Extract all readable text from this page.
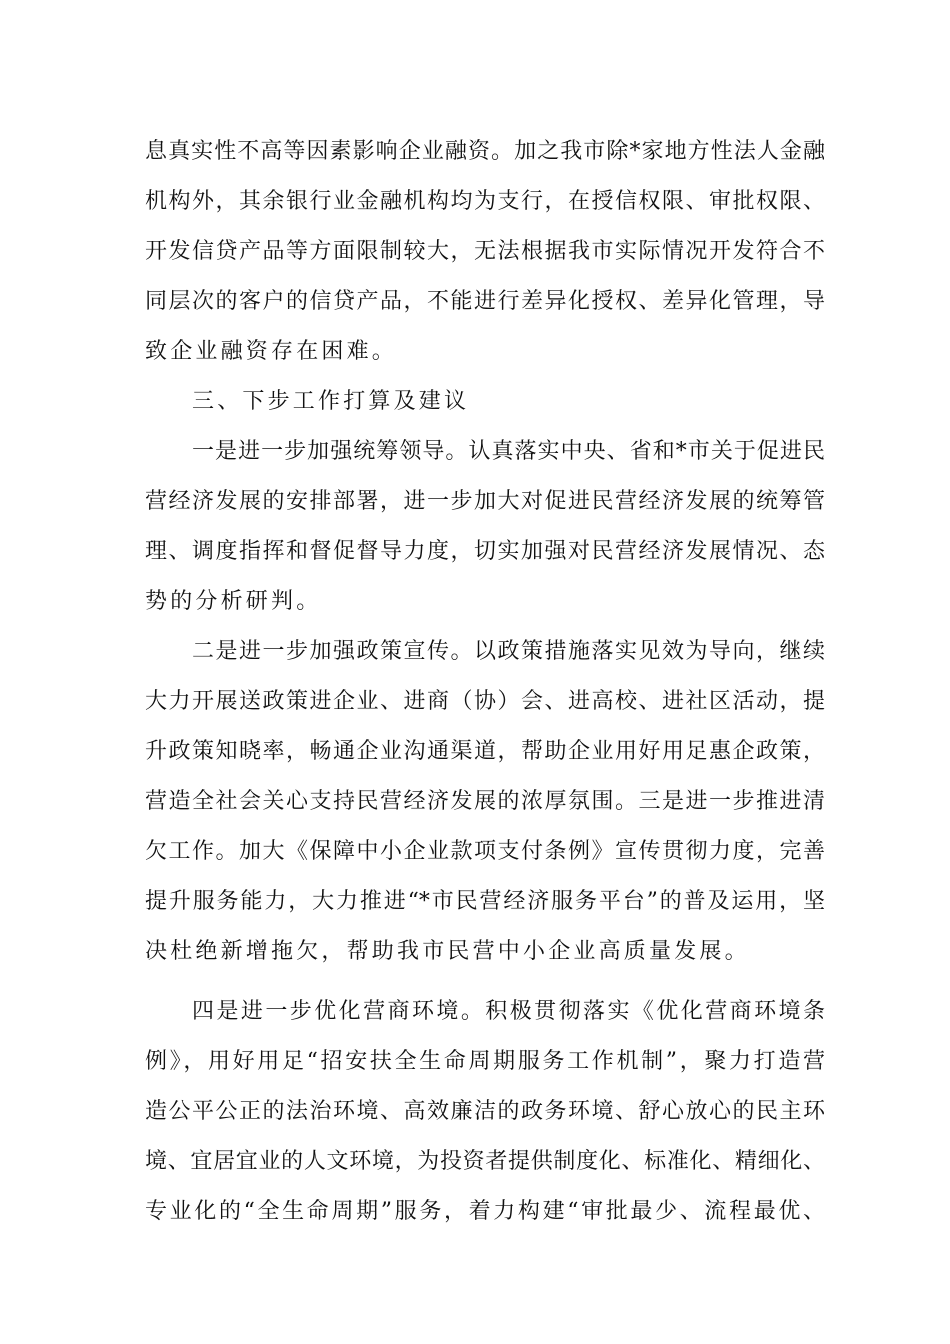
息真实性不高等因素影响企业融资。加之我市除*家地方性法人金融
机构外，其余银行业金融机构均为支行，在授信权限、审批权限、
开发信贷产品等方面限制较大，无法根据我市实际情况开发符合不
同层次的客户的信贷产品，不能进行差异化授权、差异化管理，导
致企业融资存在困难。
三、下步工作打算及建议
一是进一步加强统筹领导。认真落实中央、省和*市关于促进民
营经济发展的安排部署，进一步加大对促进民营经济发展的统筹管
理、调度指挥和督促督导力度，切实加强对民营经济发展情况、态
势的分析研判。
二是进一步加强政策宣传。以政策措施落实见效为导向，继续
大力开展送政策进企业、进商（协）会、进高校、进社区活动，提
升政策知晓率，畅通企业沟通渠道，帮助企业用好用足惠企政策，
营造全社会关心支持民营经济发展的浓厚氛围。三是进一步推进清
欠工作。加大《保障中小企业款项支付条例》宣传贯彻力度，完善
提升服务能力，大力推进“*市民营经济服务平台”的普及运用，坚
决杜绝新增拖欠，帮助我市民营中小企业高质量发展。
四是进一步优化营商环境。积极贯彻落实《优化营商环境条
例》，用好用足“招安扶全生命周期服务工作机制”，聚力打造营
造公平公正的法治环境、高效廉洁的政务环境、舒心放心的民主环
境、宜居宜业的人文环境，为投资者提供制度化、标准化、精细化、
专业化的“全生命周期”服务，着力构建“审批最少、流程最优、
